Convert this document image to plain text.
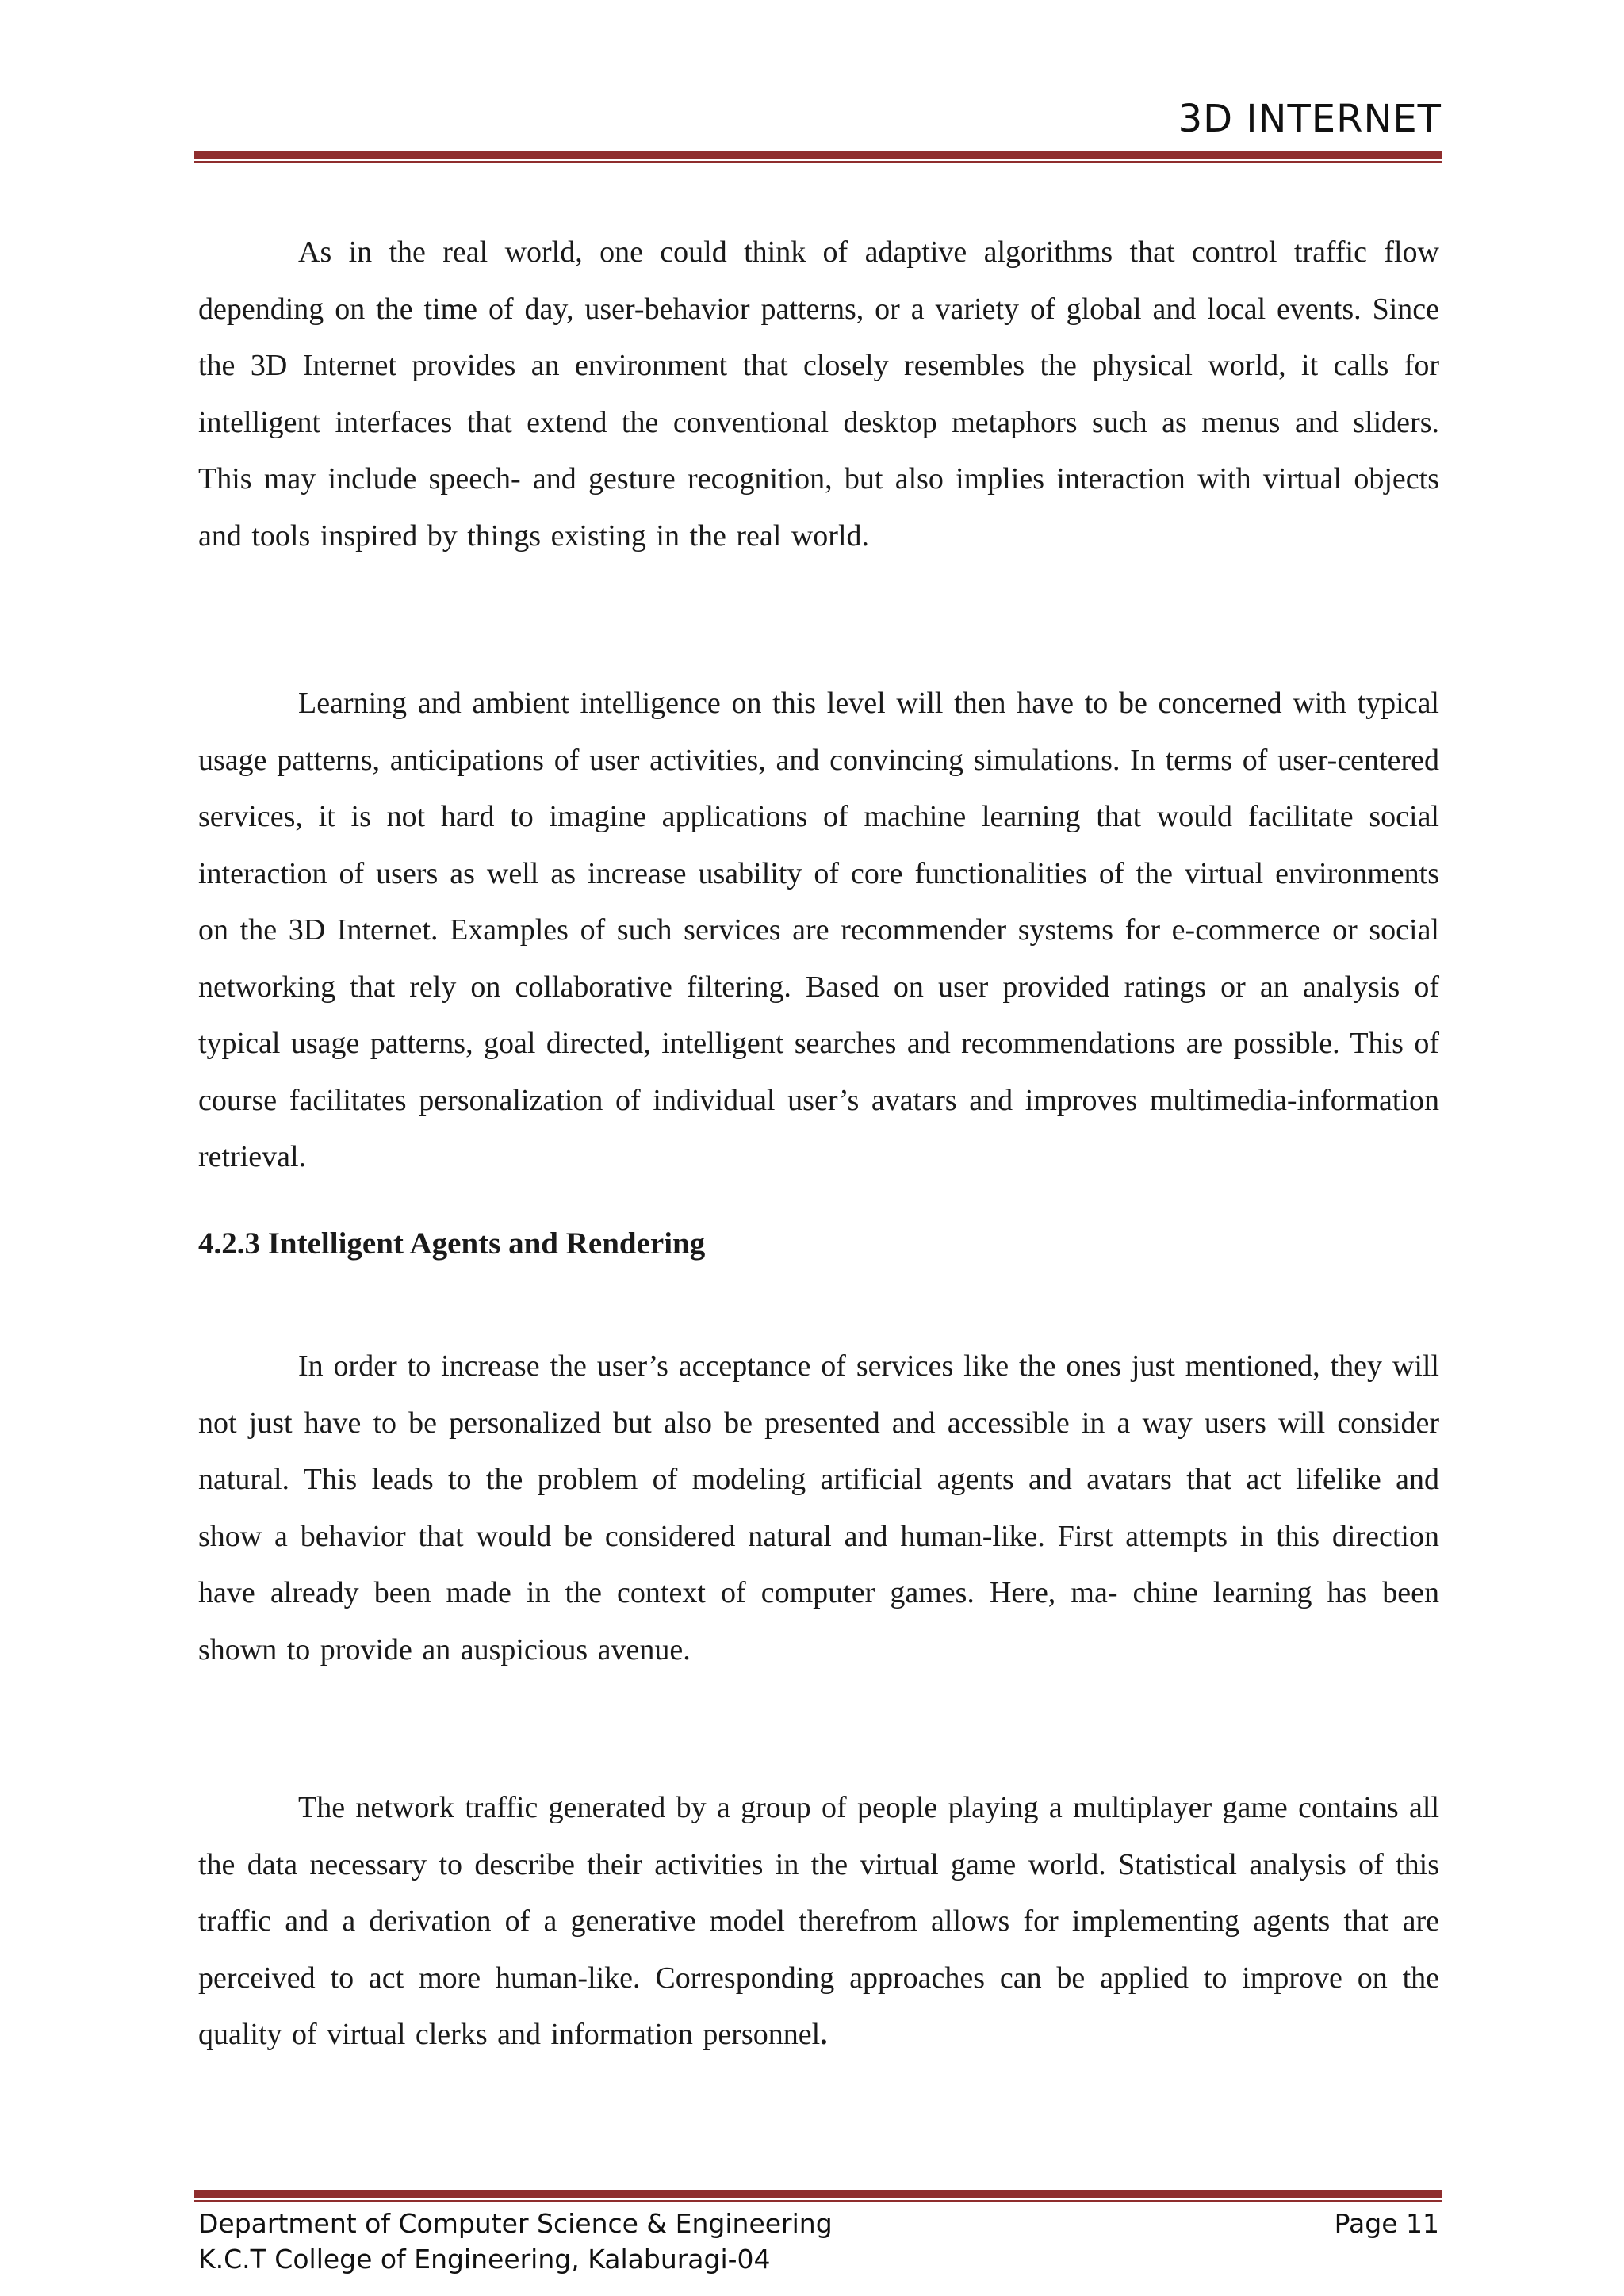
3D INTERNET

As in the real world, one could think of adaptive algorithms that control traffic flow depending on the time of day, user-behavior patterns, or a variety of global and local events. Since the 3D Internet provides an environment that closely resembles the physical world, it calls for intelligent interfaces that extend the conventional desktop metaphors such as menus and sliders. This may include speech- and gesture recognition, but also implies interaction with virtual objects and tools inspired by things existing in the real world.

Learning and ambient intelligence on this level will then have to be concerned with typical usage patterns, anticipations of user activities, and convincing simulations. In terms of user-centered services, it is not hard to imagine applications of machine learning that would facilitate social interaction of users as well as increase usability of core functionalities of the virtual environments on the 3D Internet. Examples of such services are recommender systems for e-commerce or social networking that rely on collaborative filtering. Based on user provided ratings or an analysis of typical usage patterns, goal directed, intelligent searches and recommendations are possible. This of course facilitates personalization of individual user’s avatars and improves multimedia-information retrieval.

4.2.3 Intelligent Agents and Rendering

In order to increase the user’s acceptance of services like the ones just mentioned, they will not just have to be personalized but also be presented and accessible in a way users will consider natural. This leads to the problem of modeling artificial agents and avatars that act lifelike and show a behavior that would be considered natural and human-like. First attempts in this direction have already been made in the context of computer games. Here, ma- chine learning has been shown to provide an auspicious avenue.

The network traffic generated by a group of people playing a multiplayer game contains all the data necessary to describe their activities in the virtual game world. Statistical analysis of this traffic and a derivation of a generative model therefrom allows for implementing agents that are perceived to act more human-like. Corresponding approaches can be applied to improve on the quality of virtual clerks and information personnel.

Department of Computer Science & Engineering	Page 11
K.C.T College of Engineering, Kalaburagi-04
